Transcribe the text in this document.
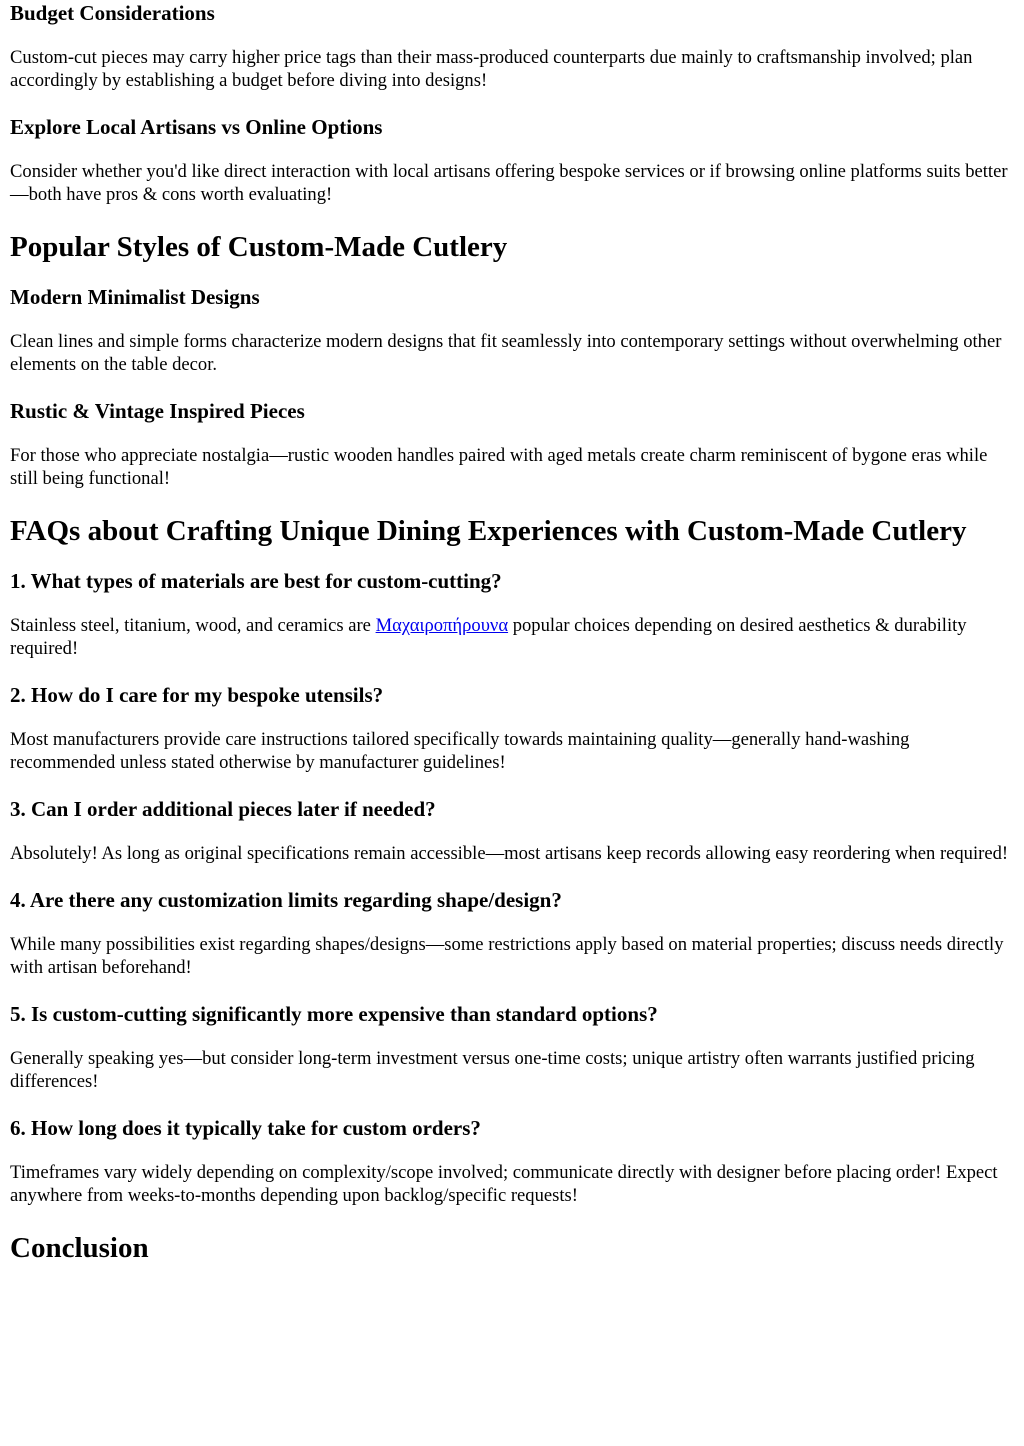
Budget Considerations

Custom-cut pieces may carry higher price tags than their mass-produced counterparts due mainly to craftsmanship involved; plan accordingly by establishing a budget before diving into designs!

Explore Local Artisans vs Online Options

Consider whether you'd like direct interaction with local artisans offering bespoke services or if browsing online platforms suits better—both have pros & cons worth evaluating!

Popular Styles of Custom-Made Cutlery
Modern Minimalist Designs

Clean lines and simple forms characterize modern designs that fit seamlessly into contemporary settings without overwhelming other elements on the table decor.

Rustic & Vintage Inspired Pieces

For those who appreciate nostalgia—rustic wooden handles paired with aged metals create charm reminiscent of bygone eras while still being functional!

FAQs about Crafting Unique Dining Experiences with Custom-Made Cutlery
1. What types of materials are best for custom-cutting?

Stainless steel, titanium, wood, and ceramics are Μαχαιροπήρουνα popular choices depending on desired aesthetics & durability required!

2. How do I care for my bespoke utensils?

Most manufacturers provide care instructions tailored specifically towards maintaining quality—generally hand-washing recommended unless stated otherwise by manufacturer guidelines!

3. Can I order additional pieces later if needed?

Absolutely! As long as original specifications remain accessible—most artisans keep records allowing easy reordering when required!

4. Are there any customization limits regarding shape/design?

While many possibilities exist regarding shapes/designs—some restrictions apply based on material properties; discuss needs directly with artisan beforehand!

5. Is custom-cutting significantly more expensive than standard options?

Generally speaking yes—but consider long-term investment versus one-time costs; unique artistry often warrants justified pricing differences!

6. How long does it typically take for custom orders?

Timeframes vary widely depending on complexity/scope involved; communicate directly with designer before placing order! Expect anywhere from weeks-to-months depending upon backlog/specific requests!

Conclusion
